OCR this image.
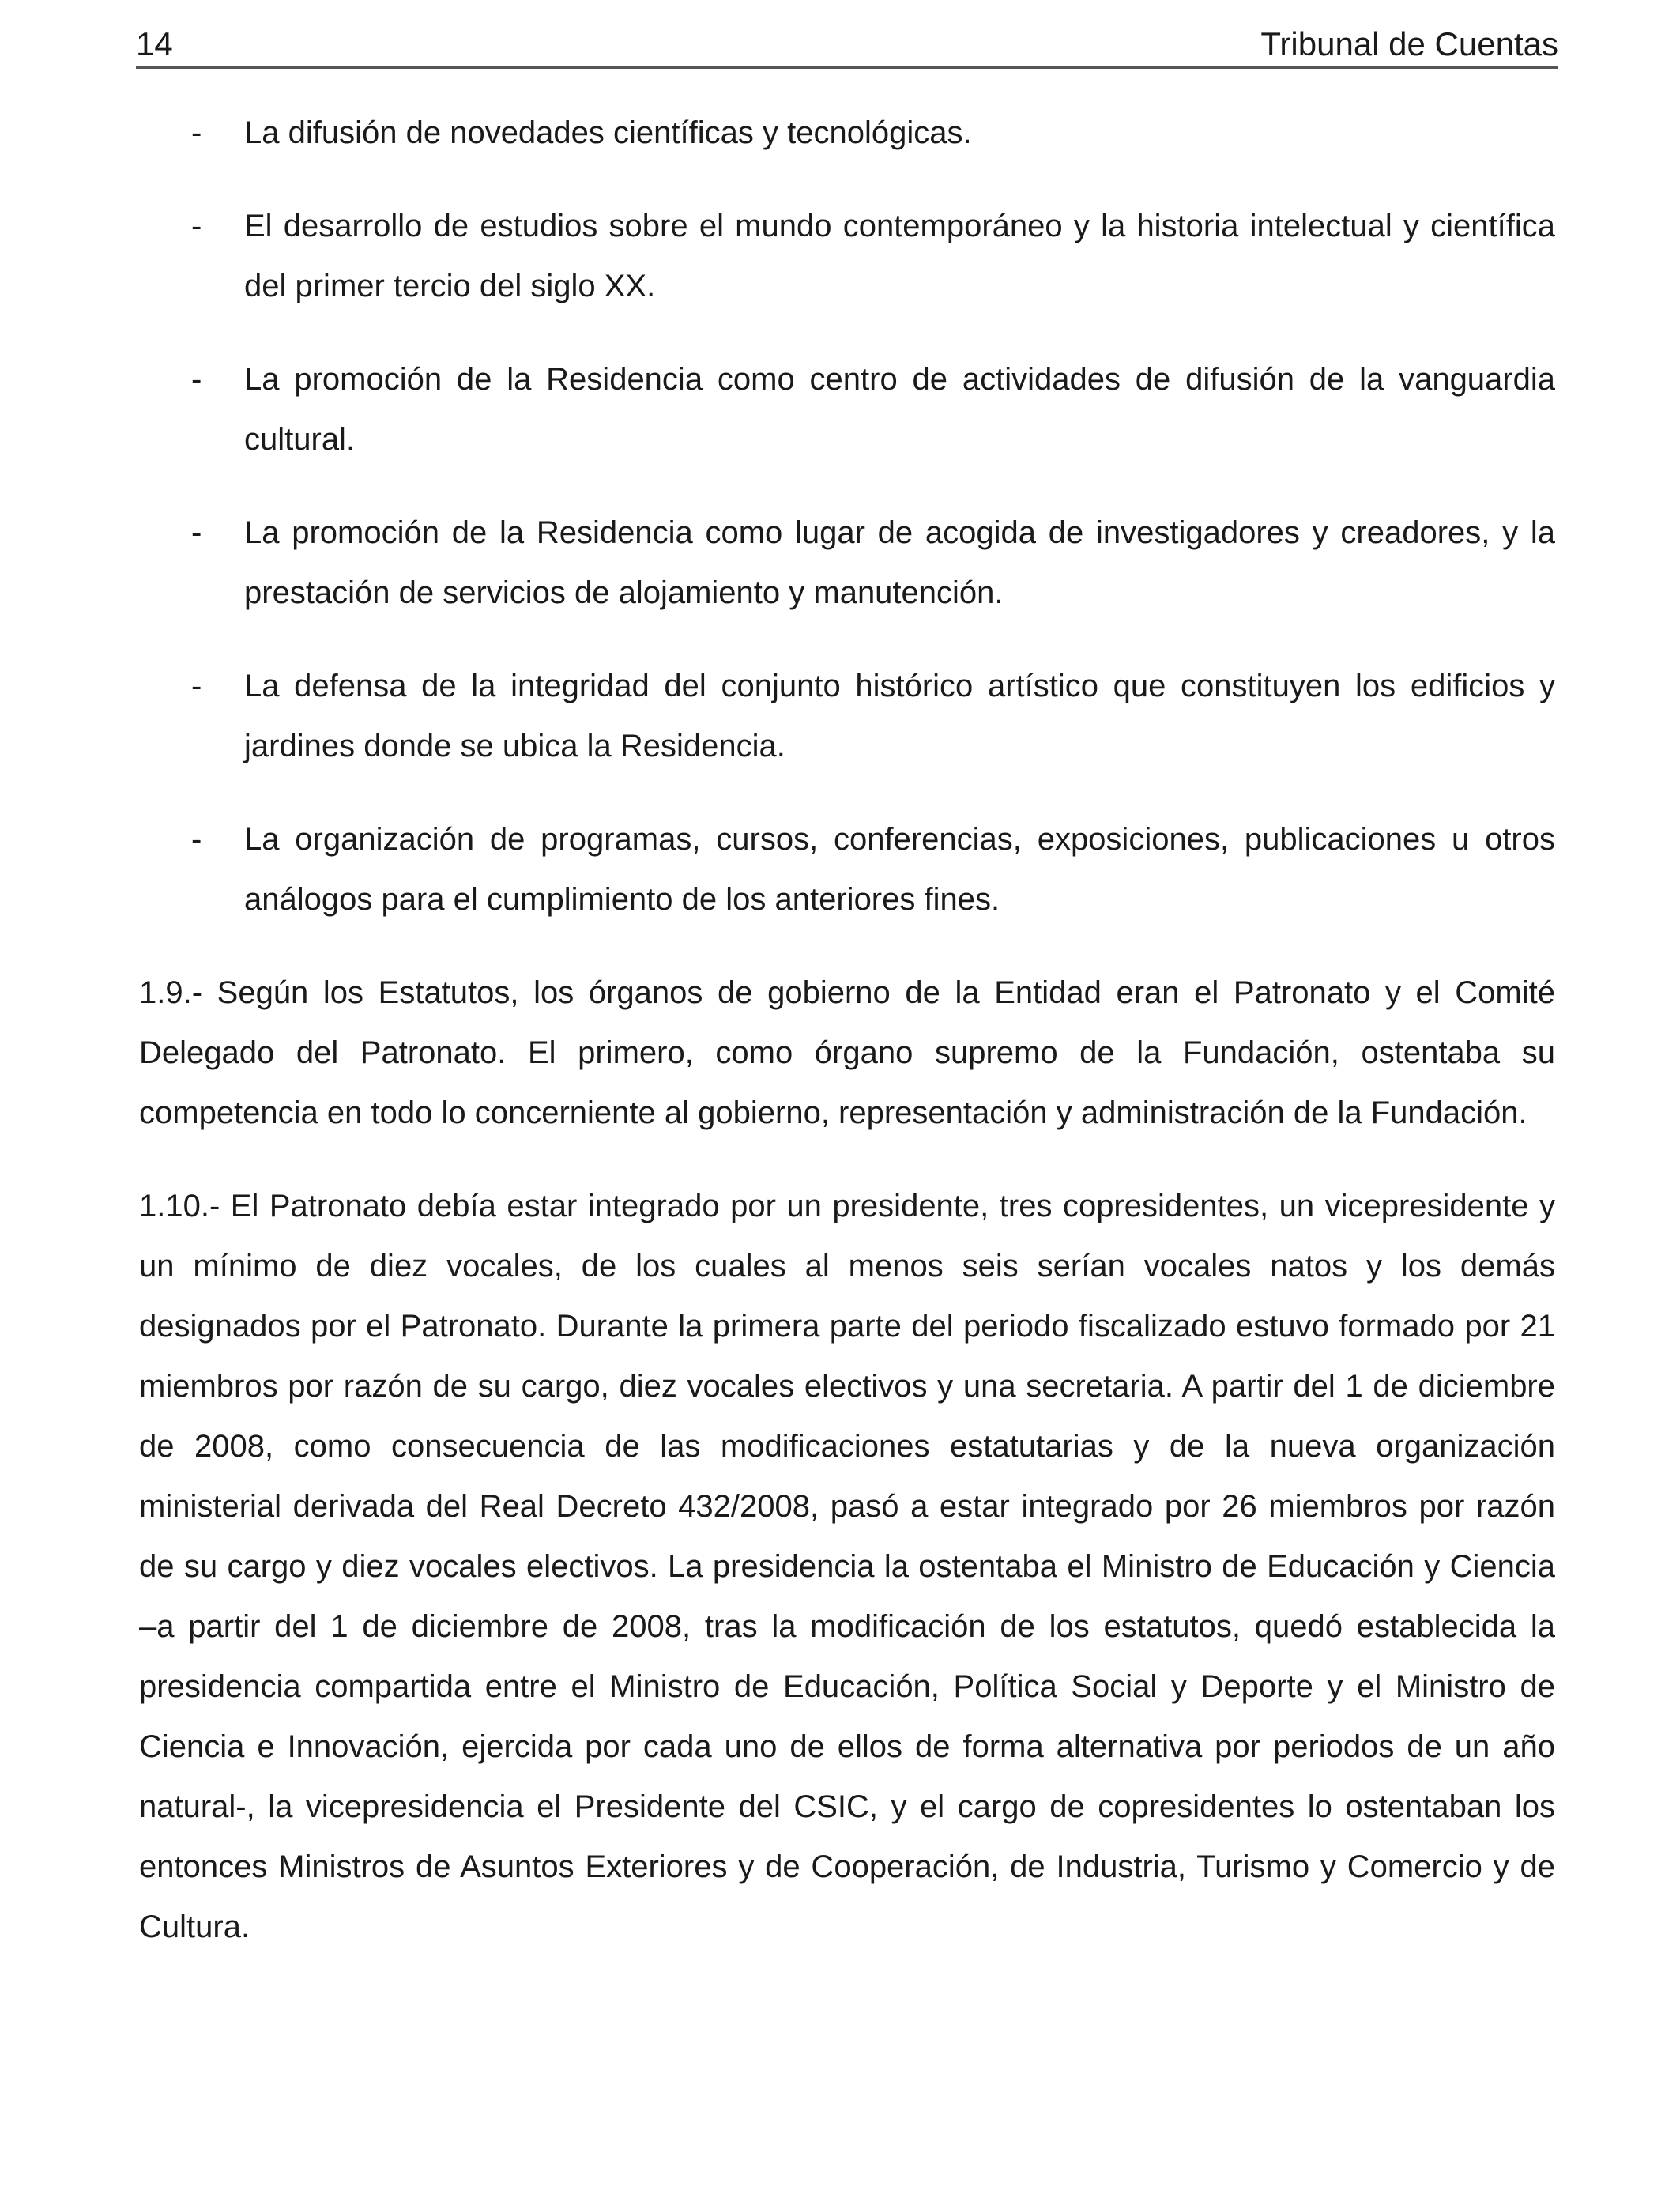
14	Tribunal de Cuentas
- La difusión de novedades científicas y tecnológicas.
- El desarrollo de estudios sobre el mundo contemporáneo y la historia intelectual y científica del primer tercio del siglo XX.
- La promoción de la Residencia como centro de actividades de difusión de la vanguardia cultural.
- La promoción de la Residencia como lugar de acogida de investigadores y creadores, y la prestación de servicios de alojamiento y manutención.
- La defensa de la integridad del conjunto histórico artístico que constituyen los edificios y jardines donde se ubica la Residencia.
- La organización de programas, cursos, conferencias, exposiciones, publicaciones u otros análogos para el cumplimiento de los anteriores fines.

1.9.- Según los Estatutos, los órganos de gobierno de la Entidad eran el Patronato y el Comité Delegado del Patronato. El primero, como órgano supremo de la Fundación, ostentaba su competencia en todo lo concerniente al gobierno, representación y administración de la Fundación.

1.10.- El Patronato debía estar integrado por un presidente, tres copresidentes, un vicepresidente y un mínimo de diez vocales, de los cuales al menos seis serían vocales natos y los demás designados por el Patronato. Durante la primera parte del periodo fiscalizado estuvo formado por 21 miembros por razón de su cargo, diez vocales electivos y una secretaria. A partir del 1 de diciembre de 2008, como consecuencia de las modificaciones estatutarias y de la nueva organización ministerial derivada del Real Decreto 432/2008, pasó a estar integrado por 26 miembros por razón de su cargo y diez vocales electivos. La presidencia la ostentaba el Ministro de Educación y Ciencia –a partir del 1 de diciembre de 2008, tras la modificación de los estatutos, quedó establecida la presidencia compartida entre el Ministro de Educación, Política Social y Deporte y el Ministro de Ciencia e Innovación, ejercida por cada uno de ellos de forma alternativa por periodos de un año natural-, la vicepresidencia el Presidente del CSIC, y el cargo de copresidentes lo ostentaban los entonces Ministros de Asuntos Exteriores y de Cooperación, de Industria, Turismo y Comercio y de Cultura.
